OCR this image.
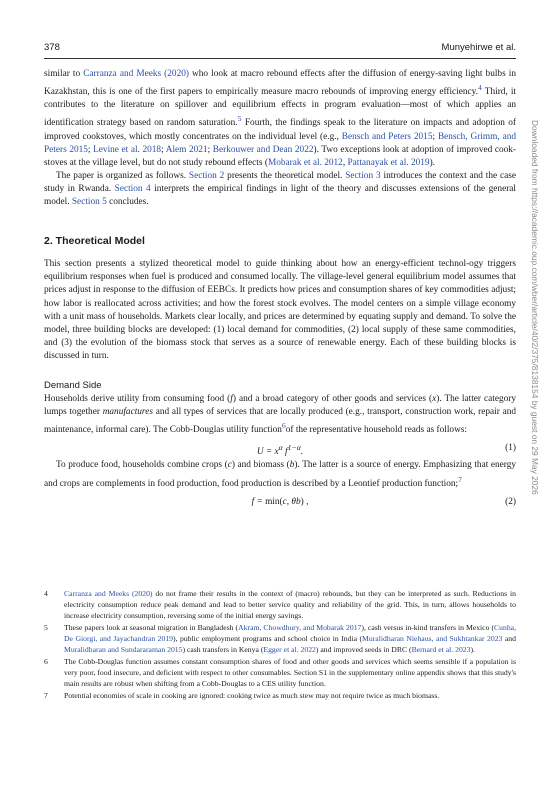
378	Munyehirwe et al.

similar to Carranza and Meeks (2020) who look at macro rebound effects after the diffusion of energy-saving light bulbs in Kazakhstan, this is one of the first papers to empirically measure macro rebounds of improving energy efficiency.$^4$ Third, it contributes to the literature on spillover and equilibrium effects in program evaluation—most of which applies an identification strategy based on random saturation.$^5$ Fourth, the findings speak to the literature on impacts and adoption of improved cookstoves, which mostly concentrates on the individual level (e.g., Bensch and Peters 2015; Bensch, Grimm, and Peters 2015; Levine et al. 2018; Alem 2021; Berkouwer and Dean 2022). Two exceptions look at adoption of improved cook-stoves at the village level, but do not study rebound effects (Mobarak et al. 2012, Pattanayak et al. 2019).

The paper is organized as follows. Section 2 presents the theoretical model. Section 3 introduces the context and the case study in Rwanda. Section 4 interprets the empirical findings in light of the theory and discusses extensions of the general model. Section 5 concludes.

2. Theoretical Model

This section presents a stylized theoretical model to guide thinking about how an energy-efficient technol-ogy triggers equilibrium responses when fuel is produced and consumed locally. The village-level general equilibrium model assumes that prices adjust in response to the diffusion of EEBCs. It predicts how prices and consumption shares of key commodities adjust; how labor is reallocated across activities; and how the forest stock evolves. The model centers on a simple village economy with a unit mass of households. Markets clear locally, and prices are determined by equating supply and demand. To solve the model, three building blocks are developed: (1) local demand for commodities, (2) local supply of these same commodities, and (3) the evolution of the biomass stock that serves as a source of renewable energy. Each of these building blocks is discussed in turn.

Demand Side

Households derive utility from consuming food (f) and a broad category of other goods and services (x). The latter category lumps together manufactures and all types of services that are locally produced (e.g., transport, construction work, repair and maintenance, informal care). The Cobb-Douglas utility function$^6$of the representative household reads as follows:

$U = x^\alpha$ $f^{1-\alpha}$.	(1)

To produce food, households combine crops (c) and biomass (b). The latter is a source of energy. Emphasizing that energy and crops are complements in food production, food production is described by a Leontief production function;$^7$

f = min(c, θb) ,	(2)
4	Carranza and Meeks (2020) do not frame their results in the context of (macro) rebounds, but they can be interpreted as such. Reductions in electricity consumption reduce peak demand and lead to better service quality and reliability of the grid. This, in turn, allows households to increase electricity consumption, reversing some of the initial energy savings.
5	These papers look at seasonal migration in Bangladesh (Akram, Chowdhury, and Mobarak 2017), cash versus in-kind transfers in Mexico (Cunha, De Giorgi, and Jayachandran 2019), public employment programs and school choice in India (Muralidharan Niehaus, and Sukhtankar 2023 and Muralidharan and Sundararaman 2015) cash transfers in Kenya (Egger et al. 2022) and improved seeds in DRC (Bernard et al. 2023).
6	The Cobb-Douglas function assumes constant consumption shares of food and other goods and services which seems sensible if a population is very poor, food insecure, and deficient with respect to other consumables. Section S1 in the supplementary online appendix shows that this study's main results are robust when shifting from a Cobb-Douglas to a CES utility function.
7	Potential economies of scale in cooking are ignored: cooking twice as much stew may not require twice as much biomass.
Downloaded from https://academic.oup.com/wber/article/40/2/375/8138154 by guest on 29 May 2026
